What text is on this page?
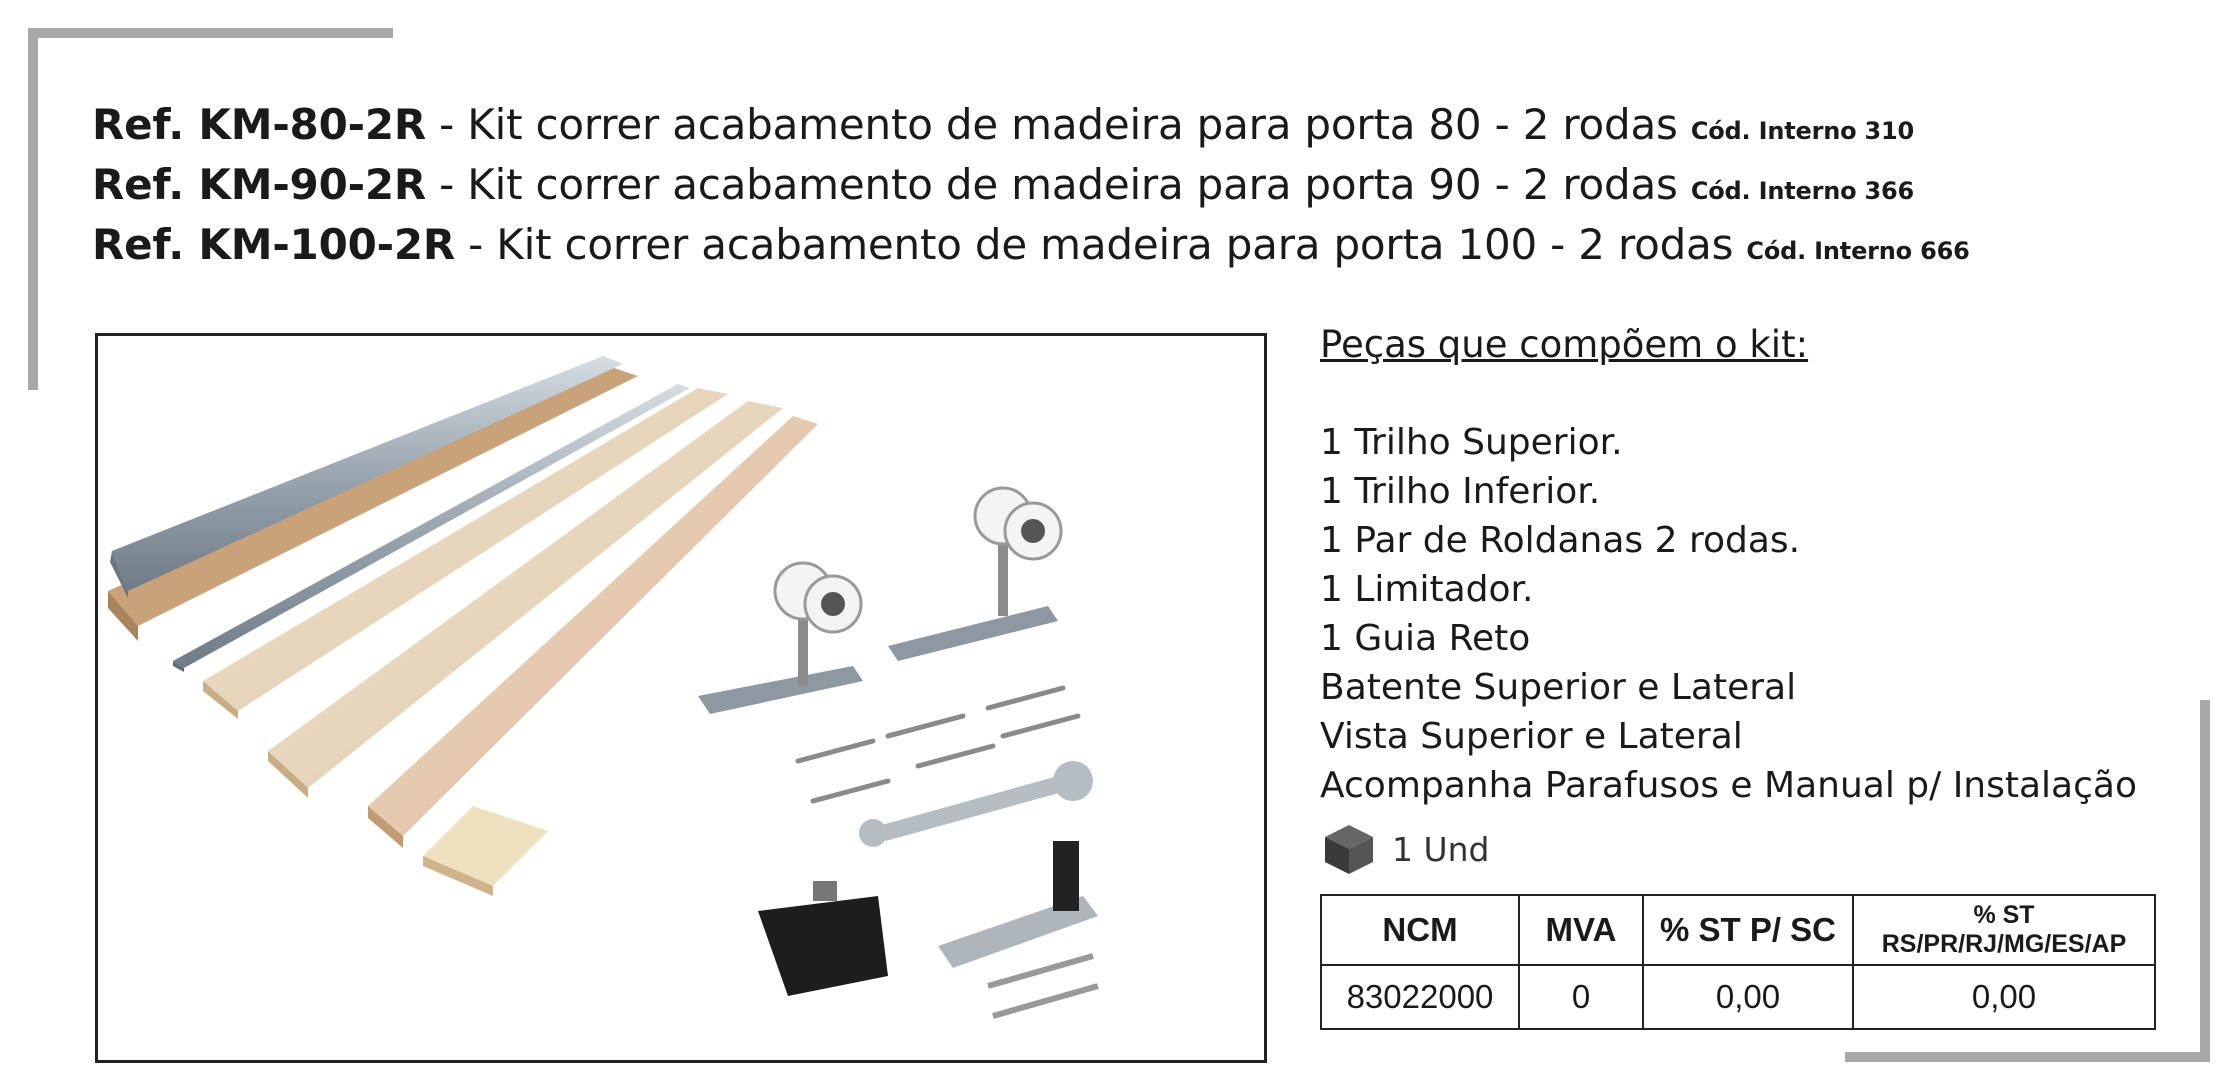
Ref. KM-80-2R - Kit correr acabamento de madeira para porta 80 - 2 rodas Cód. Interno 310
Ref. KM-90-2R - Kit correr acabamento de madeira para porta 90 - 2 rodas Cód. Interno 366
Ref. KM-100-2R - Kit correr acabamento de madeira para porta 100 - 2 rodas Cód. Interno 666
Peças que compõem o kit:
1 Trilho Superior.
1 Trilho Inferior.
1 Par de Roldanas 2 rodas.
1 Limitador.
1 Guia Reto
Batente Superior e Lateral
Vista Superior e Lateral
Acompanha Parafusos e Manual p/ Instalação
1 Und
NCM	MVA	% ST P/ SC	% ST
RS/PR/RJ/MG/ES/AP
83022000	0	0,00	0,00
